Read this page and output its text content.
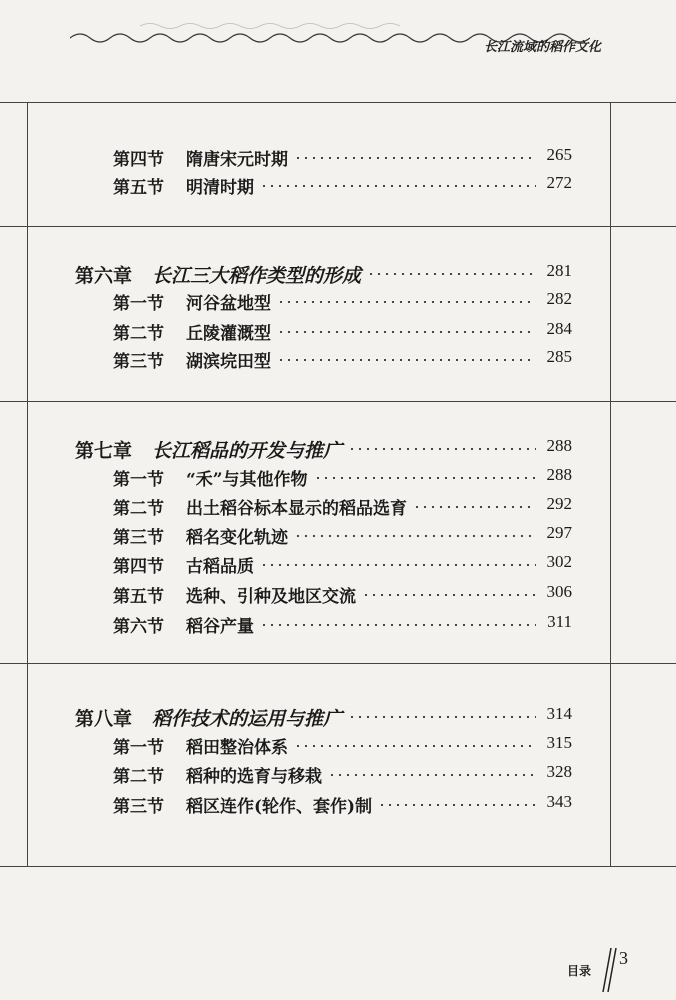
长江流域的稻作文化
第四节 隋唐宋元时期	265
第五节 明清时期	272
第六章 长江三大稻作类型的形成	281
第一节 河谷盆地型	282
第二节 丘陵灌溉型	284
第三节 湖滨垸田型	285
第七章 长江稻品的开发与推广	288
第一节 “禾”与其他作物	288
第二节 出土稻谷标本显示的稻品选育	292
第三节 稻名变化轨迹	297
第四节 古稻品质	302
第五节 选种、引种及地区交流	306
第六节 稻谷产量	311
第八章 稻作技术的运用与推广	314
第一节 稻田整治体系	315
第二节 稻种的选育与移栽	328
第三节 稻区连作(轮作、套作)制	343
目录
3
